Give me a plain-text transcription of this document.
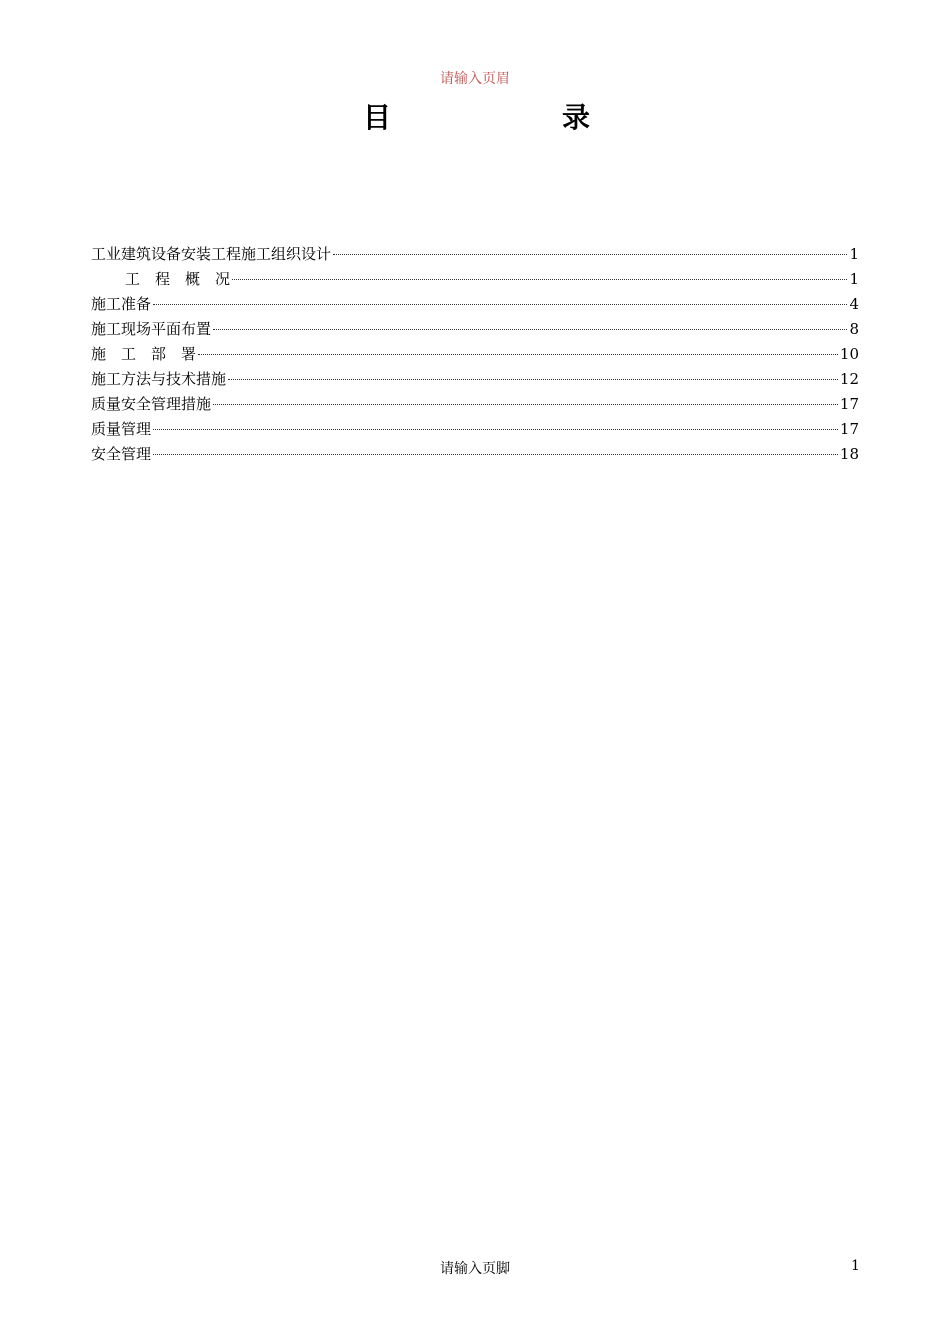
请输入页眉
目	录
工业建筑设备安装工程施工组织设计	1
工　程　概　况	1
施工准备	4
施工现场平面布置	8
施　工　部　署	10
施工方法与技术措施	12
质量安全管理措施	17
质量管理	17
安全管理	18
请输入页脚	1
